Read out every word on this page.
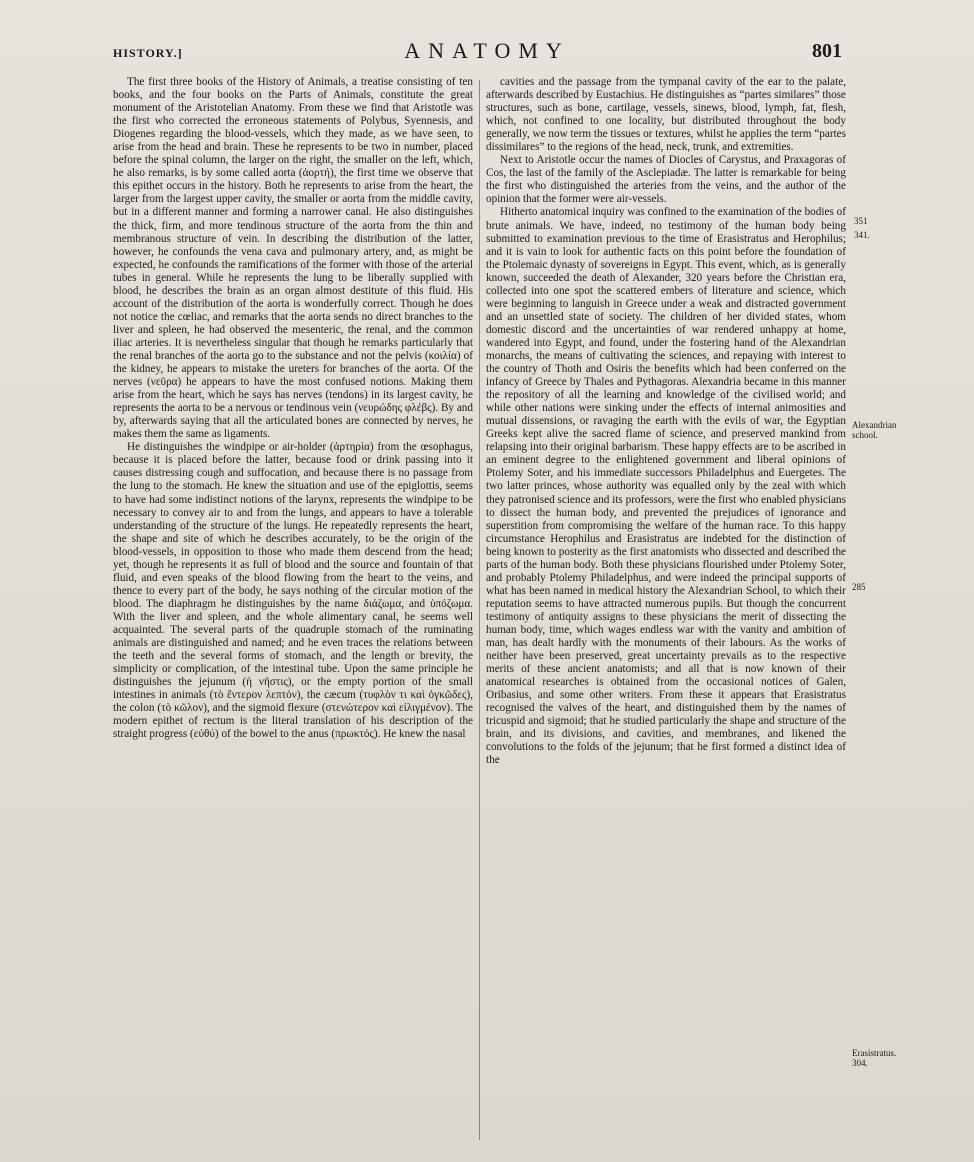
HISTORY.]	ANATOMY	801

The first three books of the History of Animals, a treatise consisting of ten books, and the four books on the Parts of Animals, constitute the great monument of the Aristotelian Anatomy. From these we find that Aristotle was the first who corrected the erroneous statements of Polybus, Syennesis, and Diogenes regarding the blood-vessels, which they made, as we have seen, to arise from the head and brain. These he represents to be two in number, placed before the spinal column, the larger on the right, the smaller on the left, which, he also remarks, is by some called aorta (ἀορτή), the first time we observe that this epithet occurs in the history. Both he represents to arise from the heart, the larger from the largest upper cavity, the smaller or aorta from the middle cavity, but in a different manner and forming a narrower canal. He also distinguishes the thick, firm, and more tendinous structure of the aorta from the thin and membranous structure of vein. In describing the distribution of the latter, however, he confounds the vena cava and pulmonary artery, and, as might be expected, he confounds the ramifications of the former with those of the arterial tubes in general. While he represents the lung to be liberally supplied with blood, he describes the brain as an organ almost destitute of this fluid. His account of the distribution of the aorta is wonderfully correct. Though he does not notice the cœliac, and remarks that the aorta sends no direct branches to the liver and spleen, he had observed the mesenteric, the renal, and the common iliac arteries. It is nevertheless singular that though he remarks particularly that the renal branches of the aorta go to the substance and not the pelvis (κοιλία) of the kidney, he appears to mistake the ureters for branches of the aorta. Of the nerves (νεῦρα) he appears to have the most confused notions. Making them arise from the heart, which he says has nerves (tendons) in its largest cavity, he represents the aorta to be a nervous or tendinous vein (νευρώδης φλέβς). By and by, afterwards saying that all the articulated bones are connected by nerves, he makes them the same as ligaments.

He distinguishes the windpipe or air-holder (ἀρτηρία) from the œsophagus, because it is placed before the latter, because food or drink passing into it causes distressing cough and suffocation, and because there is no passage from the lung to the stomach. He knew the situation and use of the epiglottis, seems to have had some indistinct notions of the larynx, represents the windpipe to be necessary to convey air to and from the lungs, and appears to have a tolerable understanding of the structure of the lungs. He repeatedly represents the heart, the shape and site of which he describes accurately, to be the origin of the blood-vessels, in opposition to those who made them descend from the head; yet, though he represents it as full of blood and the source and fountain of that fluid, and even speaks of the blood flowing from the heart to the veins, and thence to every part of the body, he says nothing of the circular motion of the blood. The diaphragm he distinguishes by the name διάζωμα, and ὑπόζωμα. With the liver and spleen, and the whole alimentary canal, he seems well acquainted. The several parts of the quadruple stomach of the ruminating animals are distinguished and named; and he even traces the relations between the teeth and the several forms of stomach, and the length or brevity, the simplicity or complication, of the intestinal tube. Upon the same principle he distinguishes the jejunum (ἡ νῆστις), or the empty portion of the small intestines in animals (τὸ ἔντερον λεπτόν), the cæcum (τυφλὸν τι καὶ ὀγκῶδες), the colon (τὸ κῶλον), and the sigmoid flexure (στενώτερον καὶ εἰλιγμένον). The modern epithet of rectum is the literal translation of his description of the straight progress (εὐθύ) of the bowel to the anus (πρωκτός). He knew the nasal

cavities and the passage from the tympanal cavity of the ear to the palate, afterwards described by Eustachius. He distinguishes as “partes similares” those structures, such as bone, cartilage, vessels, sinews, blood, lymph, fat, flesh, which, not confined to one locality, but distributed throughout the body generally, we now term the tissues or textures, whilst he applies the term “partes dissimilares” to the regions of the head, neck, trunk, and extremities.

Next to Aristotle occur the names of Diocles of Carystus, and Praxagoras of Cos, the last of the family of the Asclepiadæ. The latter is remarkable for being the first who distinguished the arteries from the veins, and the author of the opinion that the former were air-vessels.

Hitherto anatomical inquiry was confined to the examination of the bodies of brute animals. We have, indeed, no testimony of the human body being submitted to examination previous to the time of Erasistratus and Herophilus; and it is vain to look for authentic facts on this point before the foundation of the Ptolemaic dynasty of sovereigns in Egypt. This event, which, as is generally known, succeeded the death of Alexander, 320 years before the Christian era, collected into one spot the scattered embers of literature and science, which were beginning to languish in Greece under a weak and distracted government and an unsettled state of society. The children of her divided states, whom domestic discord and the uncertainties of war rendered unhappy at home, wandered into Egypt, and found, under the fostering hand of the Alexandrian monarchs, the means of cultivating the sciences, and repaying with interest to the country of Thoth and Osiris the benefits which had been conferred on the infancy of Greece by Thales and Pythagoras. Alexandria became in this manner the repository of all the learning and knowledge of the civilised world; and while other nations were sinking under the effects of internal animosities and mutual dissensions, or ravaging the earth with the evils of war, the Egyptian Greeks kept alive the sacred flame of science, and preserved mankind from relapsing into their original barbarism. These happy effects are to be ascribed in an eminent degree to the enlightened government and liberal opinions of Ptolemy Soter, and his immediate successors Philadelphus and Euergetes. The two latter princes, whose authority was equalled only by the zeal with which they patronised science and its professors, were the first who enabled physicians to dissect the human body, and prevented the prejudices of ignorance and superstition from compromising the welfare of the human race. To this happy circumstance Herophilus and Erasistratus are indebted for the distinction of being known to posterity as the first anatomists who dissected and described the parts of the human body. Both these physicians flourished under Ptolemy Soter, and probably Ptolemy Philadelphus, and were indeed the principal supports of what has been named in medical history the Alexandrian School, to which their reputation seems to have attracted numerous pupils. But though the concurrent testimony of antiquity assigns to these physicians the merit of dissecting the human body, time, which wages endless war with the vanity and ambition of man, has dealt hardly with the monuments of their labours. As the works of neither have been preserved, great uncertainty prevails as to the respective merits of these ancient anatomists; and all that is now known of their anatomical researches is obtained from the occasional notices of Galen, Oribasius, and some other writers. From these it appears that Erasistratus recognised the valves of the heart, and distinguished them by the names of tricuspid and sigmoid; that he studied particularly the shape and structure of the brain, and its divisions, and cavities, and membranes, and likened the convolutions to the folds of the jejunum; that he first formed a distinct idea of the

351
341.
Alexandrian school.
285
Erasistratus. 304.
